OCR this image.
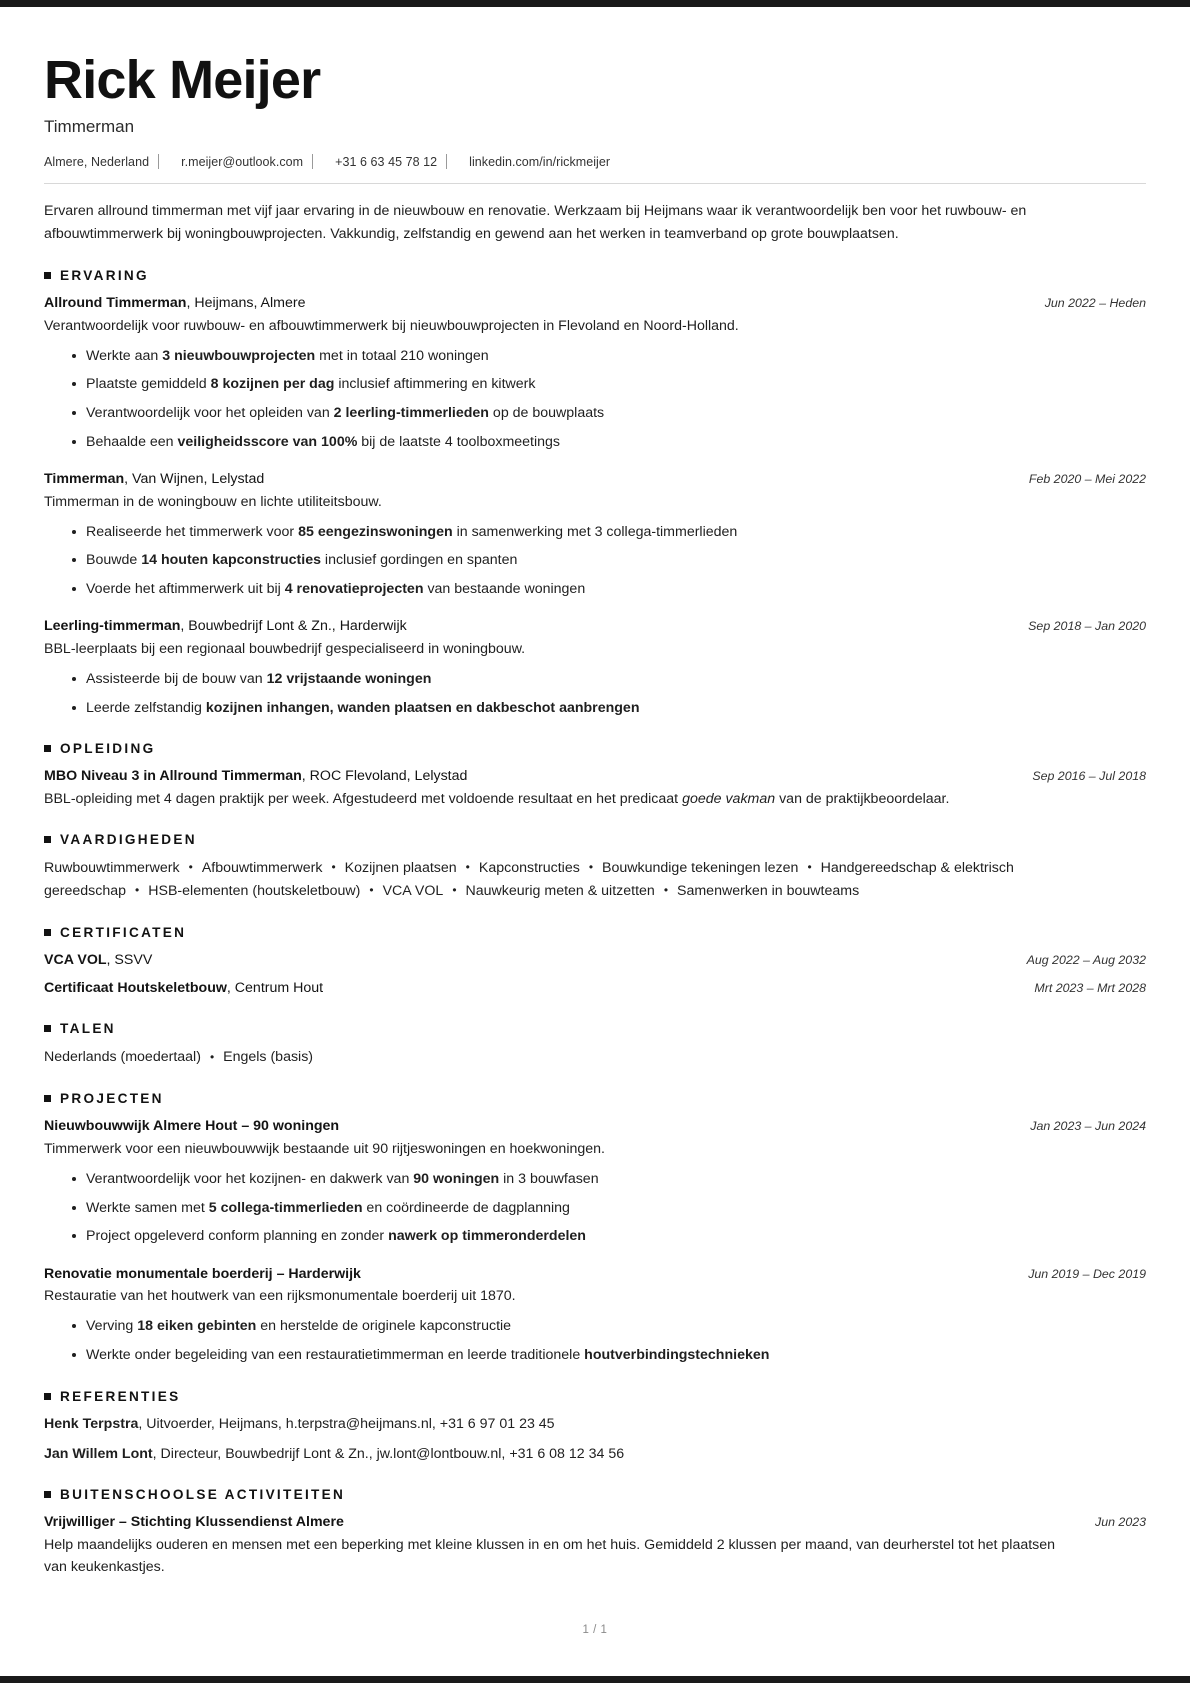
Rick Meijer
Timmerman
Almere, Nederland	r.meijer@outlook.com	+31 6 63 45 78 12	linkedin.com/in/rickmeijer

Ervaren allround timmerman met vijf jaar ervaring in de nieuwbouw en renovatie. Werkzaam bij Heijmans waar ik verantwoordelijk ben voor het ruwbouw- en afbouwtimmerwerk bij woningbouwprojecten. Vakkundig, zelfstandig en gewend aan het werken in teamverband op grote bouwplaatsen.

ERVARING
Allround Timmerman, Heijmans, Almere	Jun 2022 – Heden
Verantwoordelijk voor ruwbouw- en afbouwtimmerwerk bij nieuwbouwprojecten in Flevoland en Noord-Holland.
Werkte aan 3 nieuwbouwprojecten met in totaal 210 woningen
Plaatste gemiddeld 8 kozijnen per dag inclusief aftimmering en kitwerk
Verantwoordelijk voor het opleiden van 2 leerling-timmerlieden op de bouwplaats
Behaalde een veiligheidsscore van 100% bij de laatste 4 toolboxmeetings
Timmerman, Van Wijnen, Lelystad	Feb 2020 – Mei 2022
Timmerman in de woningbouw en lichte utiliteitsbouw.
Realiseerde het timmerwerk voor 85 eengezinswoningen in samenwerking met 3 collega-timmerlieden
Bouwde 14 houten kapconstructies inclusief gordingen en spanten
Voerde het aftimmerwerk uit bij 4 renovatieprojecten van bestaande woningen
Leerling-timmerman, Bouwbedrijf Lont & Zn., Harderwijk	Sep 2018 – Jan 2020
BBL-leerplaats bij een regionaal bouwbedrijf gespecialiseerd in woningbouw.
Assisteerde bij de bouw van 12 vrijstaande woningen
Leerde zelfstandig kozijnen inhangen, wanden plaatsen en dakbeschot aanbrengen
OPLEIDING
MBO Niveau 3 in Allround Timmerman, ROC Flevoland, Lelystad	Sep 2016 – Jul 2018
BBL-opleiding met 4 dagen praktijk per week. Afgestudeerd met voldoende resultaat en het predicaat goede vakman van de praktijkbeoordelaar.
VAARDIGHEDEN
Ruwbouwtimmerwerk • Afbouwtimmerwerk • Kozijnen plaatsen • Kapconstructies • Bouwkundige tekeningen lezen • Handgereedschap & elektrisch gereedschap • HSB-elementen (houtskeletbouw) • VCA VOL • Nauwkeurig meten & uitzetten • Samenwerken in bouwteams
CERTIFICATEN
VCA VOL, SSVV	Aug 2022 – Aug 2032
Certificaat Houtskeletbouw, Centrum Hout	Mrt 2023 – Mrt 2028
TALEN
Nederlands (moedertaal) • Engels (basis)
PROJECTEN
Nieuwbouwwijk Almere Hout – 90 woningen	Jan 2023 – Jun 2024
Timmerwerk voor een nieuwbouwwijk bestaande uit 90 rijtjeswoningen en hoekwoningen.
Verantwoordelijk voor het kozijnen- en dakwerk van 90 woningen in 3 bouwfasen
Werkte samen met 5 collega-timmerlieden en coördineerde de dagplanning
Project opgeleverd conform planning en zonder nawerk op timmeronderdelen
Renovatie monumentale boerderij – Harderwijk	Jun 2019 – Dec 2019
Restauratie van het houtwerk van een rijksmonumentale boerderij uit 1870.
Verving 18 eiken gebinten en herstelde de originele kapconstructie
Werkte onder begeleiding van een restauratietimmerman en leerde traditionele houtverbindingstechnieken
REFERENTIES
Henk Terpstra, Uitvoerder, Heijmans, h.terpstra@heijmans.nl, +31 6 97 01 23 45
Jan Willem Lont, Directeur, Bouwbedrijf Lont & Zn., jw.lont@lontbouw.nl, +31 6 08 12 34 56
BUITENSCHOOLSE ACTIVITEITEN
Vrijwilliger – Stichting Klussendienst Almere	Jun 2023
Help maandelijks ouderen en mensen met een beperking met kleine klussen in en om het huis. Gemiddeld 2 klussen per maand, van deurherstel tot het plaatsen van keukenkastjes.
1 / 1
